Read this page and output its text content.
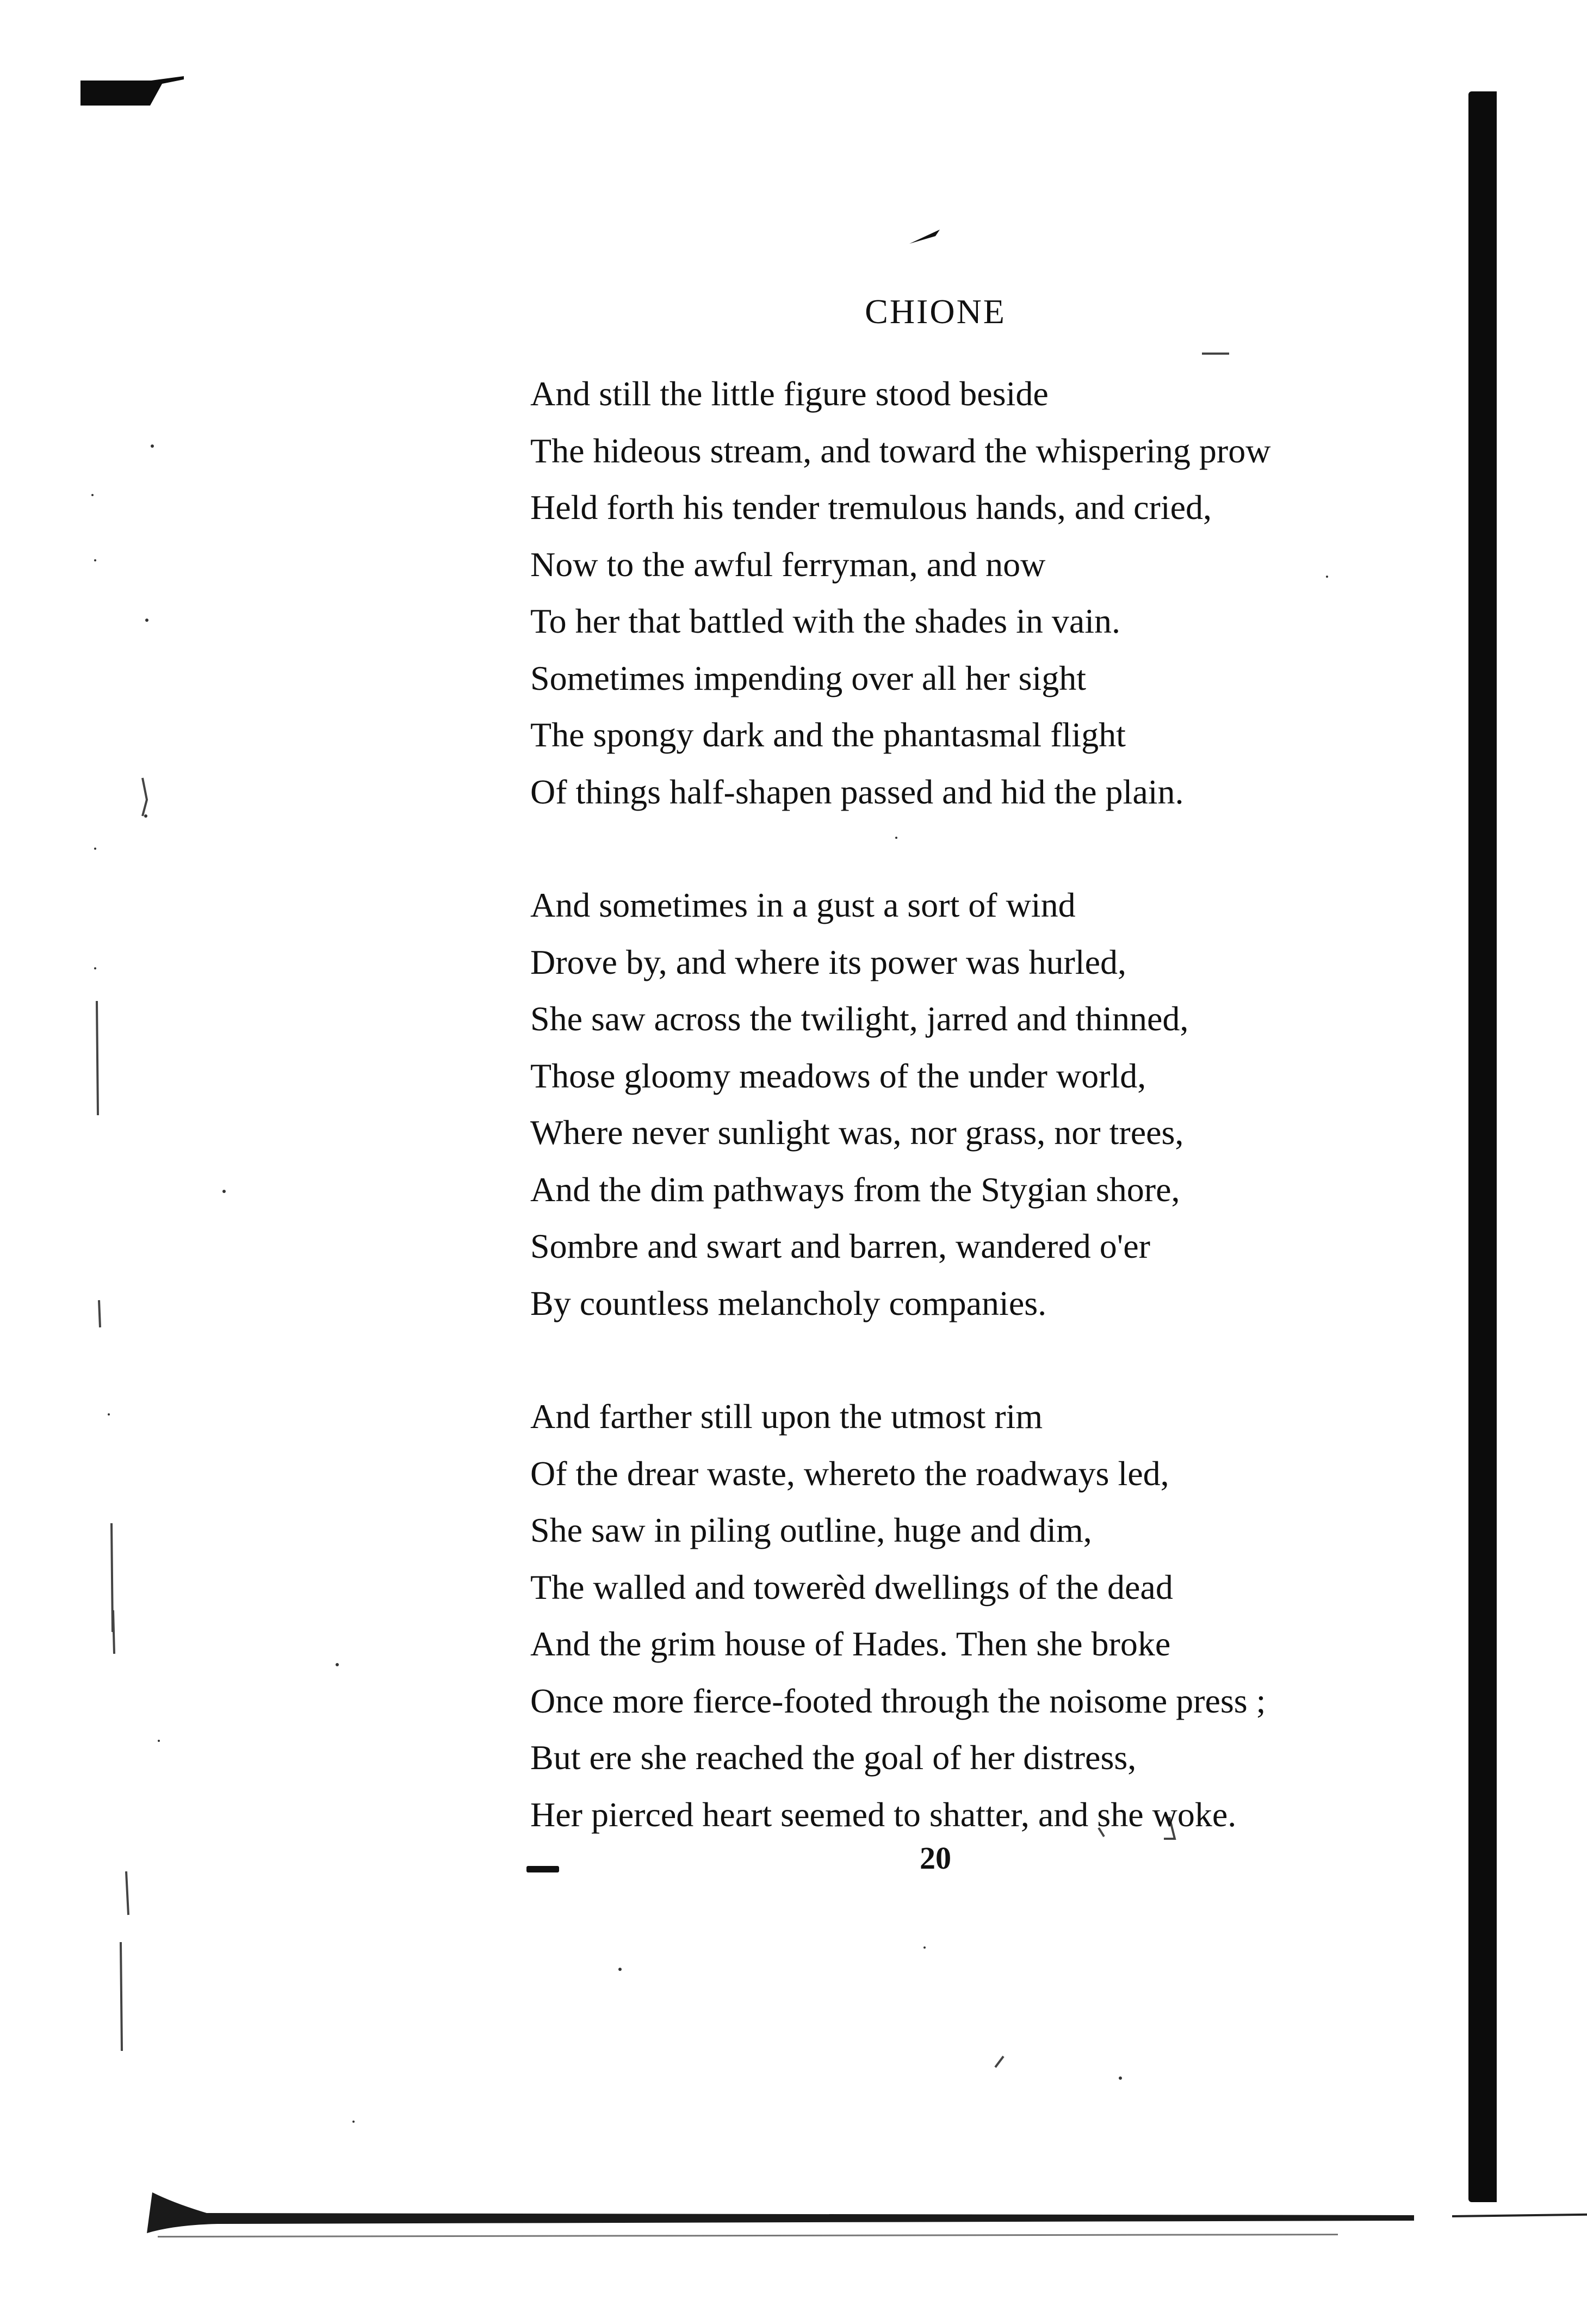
CHIONE

And still the little figure stood beside
The hideous stream, and toward the whispering prow
Held forth his tender tremulous hands, and cried,
Now to the awful ferryman, and now
To her that battled with the shades in vain.
Sometimes impending over all her sight
The spongy dark and the phantasmal flight
Of things half-shapen passed and hid the plain.

And sometimes in a gust a sort of wind
Drove by, and where its power was hurled,
She saw across the twilight, jarred and thinned,
Those gloomy meadows of the under world,
Where never sunlight was, nor grass, nor trees,
And the dim pathways from the Stygian shore,
Sombre and swart and barren, wandered o'er
By countless melancholy companies.

And farther still upon the utmost rim
Of the drear waste, whereto the roadways led,
She saw in piling outline, huge and dim,
The walled and towerèd dwellings of the dead
And the grim house of Hades. Then she broke
Once more fierce-footed through the noisome press ;
But ere she reached the goal of her distress,
Her pierced heart seemed to shatter, and she woke.

20
